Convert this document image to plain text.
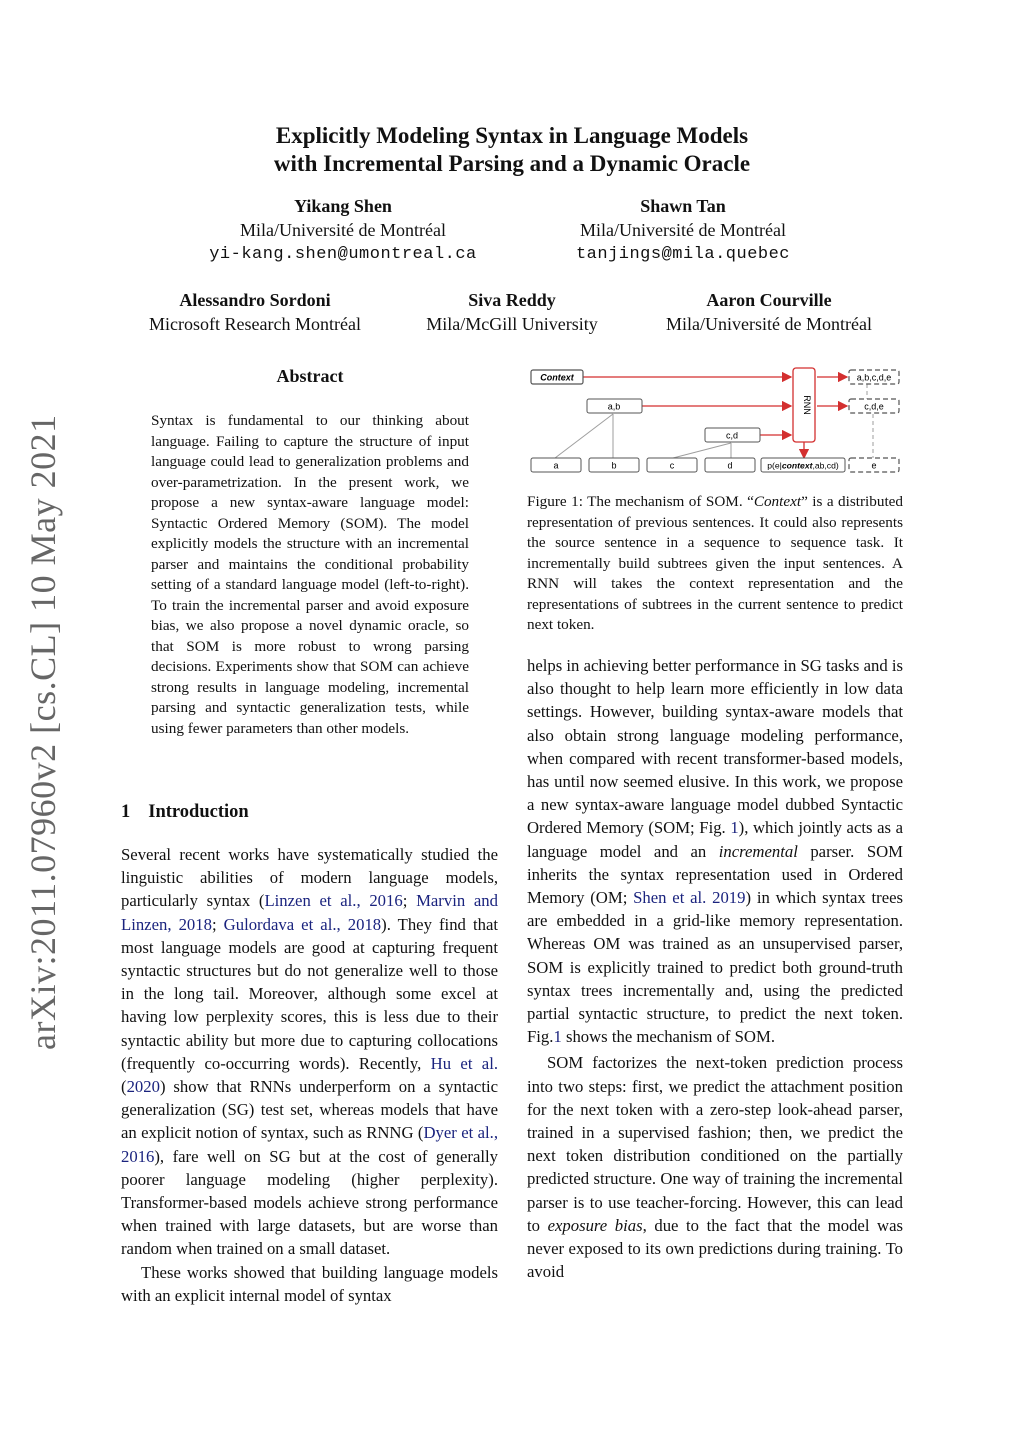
arXiv:2011.07960v2 [cs.CL] 10 May 2021
Explicitly Modeling Syntax in Language Models
with Incremental Parsing and a Dynamic Oracle
Yikang Shen
Mila/Université de Montréal
yi-kang.shen@umontreal.ca
Shawn Tan
Mila/Université de Montréal
tanjings@mila.quebec
Alessandro Sordoni
Microsoft Research Montréal
Siva Reddy
Mila/McGill University
Aaron Courville
Mila/Université de Montréal
Abstract
Syntax is fundamental to our thinking about language. Failing to capture the structure of input language could lead to generalization problems and over-parametrization. In the present work, we propose a new syntax-aware language model: Syntactic Ordered Memory (SOM). The model explicitly models the structure with an incremental parser and maintains the conditional probability setting of a standard language model (left-to-right). To train the incremental parser and avoid exposure bias, we also propose a novel dynamic oracle, so that SOM is more robust to wrong parsing decisions. Experiments show that SOM can achieve strong results in language modeling, incremental parsing and syntactic generalization tests, while using fewer parameters than other models.
1 Introduction

Several recent works have systematically studied the linguistic abilities of modern language models, particularly syntax (Linzen et al., 2016; Marvin and Linzen, 2018; Gulordava et al., 2018). They find that most language models are good at capturing frequent syntactic structures but do not generalize well to those in the long tail. Moreover, although some excel at having low perplexity scores, this is less due to their syntactic ability but more due to capturing collocations (frequently co-occurring words). Recently, Hu et al. (2020) show that RNNs underperform on a syntactic generalization (SG) test set, whereas models that have an explicit notion of syntax, such as RNNG (Dyer et al., 2016), fare well on SG but at the cost of generally poorer language modeling (higher perplexity). Transformer-based models achieve strong performance when trained with large datasets, but are worse than random when trained on a small dataset.

These works showed that building language models with an explicit internal model of syntax

RNN
Context
a,b
c,d
a,b,c,d,e
c,d,e
e
a	b	c	d	p(e|context,ab,cd)
Figure 1: The mechanism of SOM. “Context” is a distributed representation of previous sentences. It could also represents the source sentence in a sequence to sequence task. It incrementally build subtrees given the input sentences. A RNN will takes the context representation and the representations of subtrees in the current sentence to predict next token.

helps in achieving better performance in SG tasks and is also thought to help learn more efficiently in low data settings. However, building syntax-aware models that also obtain strong language modeling performance, when compared with recent transformer-based models, has until now seemed elusive. In this work, we propose a new syntax-aware language model dubbed Syntactic Ordered Memory (SOM; Fig. 1), which jointly acts as a language model and an incremental parser. SOM inherits the syntax representation used in Ordered Memory (OM; Shen et al. 2019) in which syntax trees are embedded in a grid-like memory representation. Whereas OM was trained as an unsupervised parser, SOM is explicitly trained to predict both ground-truth syntax trees incrementally and, using the predicted partial syntactic structure, to predict the next token. Fig.1 shows the mechanism of SOM.

SOM factorizes the next-token prediction process into two steps: first, we predict the attachment position for the next token with a zero-step look-ahead parser, trained in a supervised fashion; then, we predict the next token distribution conditioned on the partially predicted structure. One way of training the incremental parser is to use teacher-forcing. However, this can lead to exposure bias, due to the fact that the model was never exposed to its own predictions during training. To avoid
